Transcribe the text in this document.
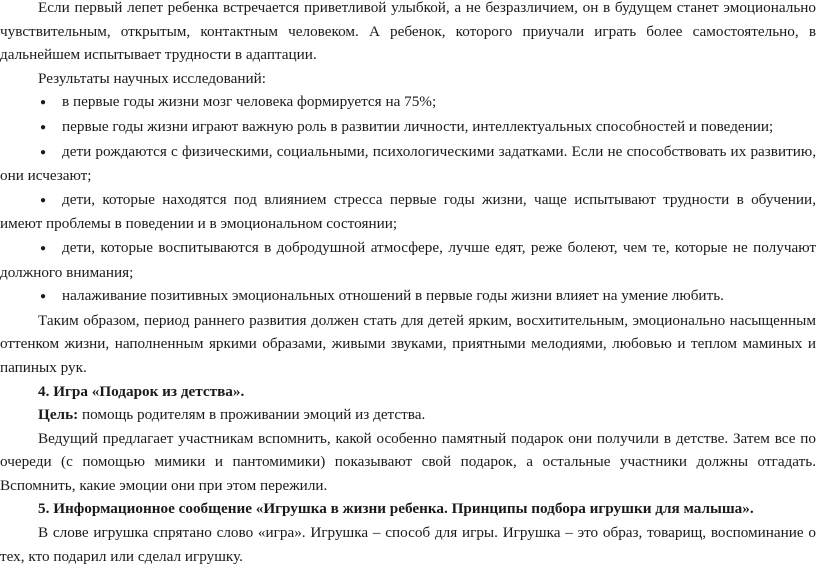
Если первый лепет ребенка встречается приветливой улыбкой, а не безразличием, он в будущем станет эмоционально чувствительным, открытым, контактным человеком. А ребенок, которого приучали играть более самостоятельно, в дальнейшем испытывает трудности в адаптации.

Результаты научных исследований:

● в первые годы жизни мозг человека формируется на 75%;
● первые годы жизни играют важную роль в развитии личности, интеллектуальных способностей и поведении;
● дети рождаются с физическими, социальными, психологическими задатками. Если не способствовать их развитию, они исчезают;
● дети, которые находятся под влиянием стресса первые годы жизни, чаще испытывают трудности в обучении, имеют проблемы в поведении и в эмоциональном состоянии;
● дети, которые воспитываются в добродушной атмосфере, лучше едят, реже болеют, чем те, которые не получают должного внимания;
● налаживание позитивных эмоциональных отношений в первые годы жизни влияет на умение любить.

Таким образом, период раннего развития должен стать для детей ярким, восхитительным, эмоционально насыщенным оттенком жизни, наполненным яркими образами, живыми звуками, приятными мелодиями, любовью и теплом маминых и папиных рук.

4. Игра «Подарок из детства».

Цель: помощь родителям в проживании эмоций из детства.

Ведущий предлагает участникам вспомнить, какой особенно памятный подарок они получили в детстве. Затем все по очереди (с помощью мимики и пантомимики) показывают свой подарок, а остальные участники должны отгадать. Вспомнить, какие эмоции они при этом пережили.

5. Информационное сообщение «Игрушка в жизни ребенка. Принципы подбора игрушки для малыша».

В слове игрушка спрятано слово «игра». Игрушка – способ для игры. Игрушка – это образ, товарищ, воспоминание о тех, кто подарил или сделал игрушку.
